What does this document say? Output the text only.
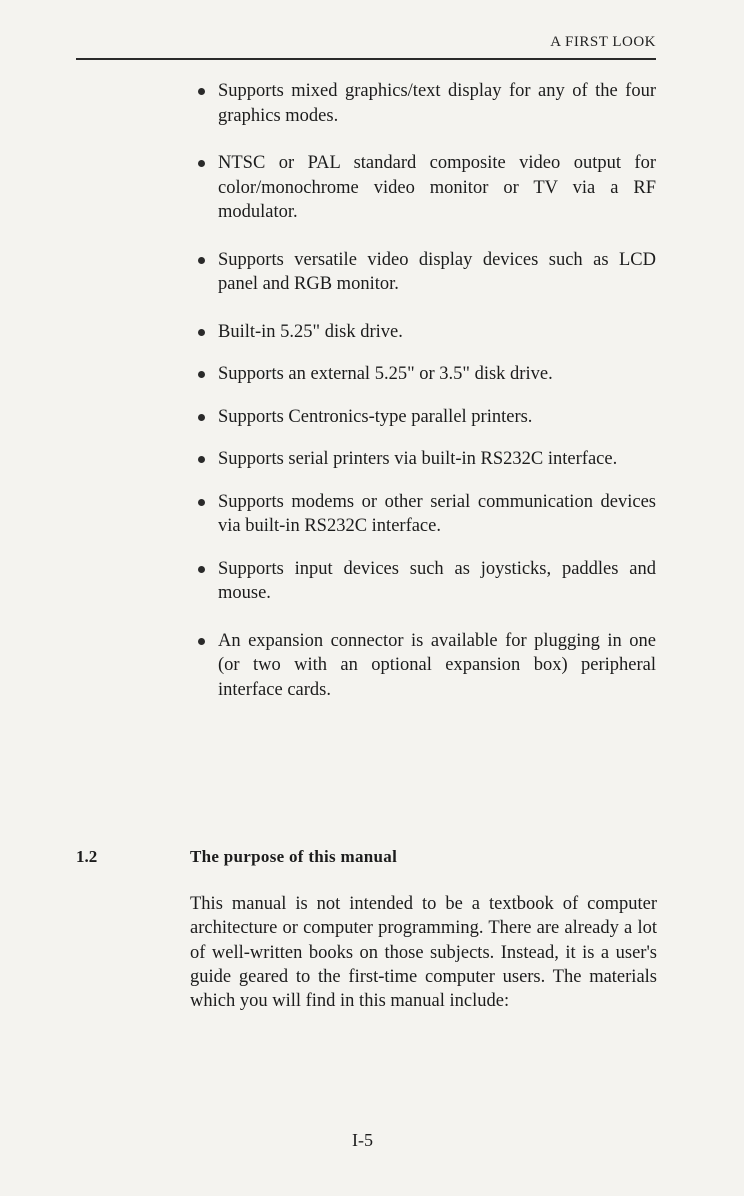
A FIRST LOOK
Supports mixed graphics/text display for any of the four graphics modes.
NTSC or PAL standard composite video output for color/monochrome video monitor or TV via a RF modulator.
Supports versatile video display devices such as LCD panel and RGB monitor.
Built-in 5.25" disk drive.
Supports an external 5.25" or 3.5" disk drive.
Supports Centronics-type parallel printers.
Supports serial printers via built-in RS232C interface.
Supports modems or other serial communication devices via built-in RS232C interface.
Supports input devices such as joysticks, paddles and mouse.
An expansion connector is available for plugging in one (or two with an optional expansion box) peripheral interface cards.
1.2	The purpose of this manual

This manual is not intended to be a textbook of computer architecture or computer programming. There are already a lot of well-written books on those subjects. Instead, it is a user's guide geared to the first-time computer users. The materials which you will find in this manual include:

I-5
